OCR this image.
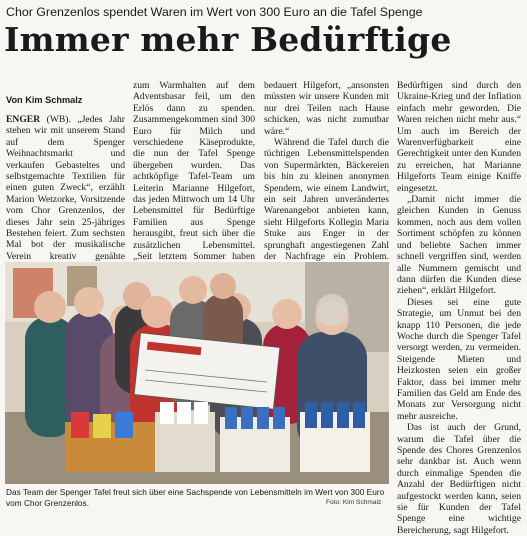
Chor Grenzenlos spendet Waren im Wert von 300 Euro an die Tafel Spenge
Immer mehr Bedürftige

Von Kim Schmalz

ENGER (WB). „Jedes Jahr stehen wir mit unserem Stand auf dem Spenger Weihnachtsmarkt und verkaufen Gebasteltes und selbstgemachte Textilien für einen guten Zweck“, erzählt Marion Wetzorke, Vorsitzende vom Chor Grenzenlos, der dieses Jahr sein 25-jähriges Bestehen feiert. Zum sechsten Mal bot der musikalische Verein kreativ genähte

zum Warmhalten auf dem Adventsbasar feil, um den Erlös dann zu spenden. Zusammengekommen sind 300 Euro für Milch und verschiedene Käseprodukte, die nun der Tafel Spenge übergeben wurden. Das achtköpfige Tafel-Team um Leiterin Marianne Hilgefort, das jeden Mittwoch um 14 Uhr Lebensmittel für Bedürftige Familien aus Spenge herausgibt, freut sich über die zusätzlichen Lebensmittel. „Seit letztem Sommer haben

bedauert Hilgefort, „ansonsten müssten wir unsere Kunden mit nur drei Teilen nach Hause schicken, was nicht zumutbar wäre.“

Während die Tafel durch die tüchtigen Lebensmittelspenden von Supermärkten, Bäckereien bis hin zu kleinen anonymen Spendern, wie einem Landwirt, ein seit Jahren unverändertes Warenangebot anbieten kann, sieht Hilgeforts Kollegin Maria Stuke aus Enger in der sprunghaft angestiegenen Zahl der Nachfrage ein Problem.

Bedürftigen sind durch den Ukraine-Krieg und der Inflation einfach mehr geworden. Die Waren reichen nicht mehr aus.“ Um auch im Bereich der Warenverfügbarkeit eine Gerechtigkeit unter den Kunden zu erreichen, hat Marianne Hilgeforts Team einige Kniffe eingesetzt.

„Damit nicht immer die gleichen Kunden in Genuss kommen, noch aus dem vollen Sortiment schöpfen zu können und beliebte Sachen immer schnell vergriffen sind, werden alle Nummern gemischt und dann dürfen die Kunden diese ziehen“, erklärt Hilgefort.

Dieses sei eine gute Strategie, um Unmut bei den knapp 110 Personen, die jede Woche durch die Spenger Tafel versorgt werden, zu vermeiden. Steigende Mieten und Heizkosten seien ein großer Faktor, dass bei immer mehr Familien das Geld am Ende des Monats zur Versorgung nicht mehr ausreiche.

Das ist auch der Grund, warum die Tafel über die Spende des Chores Grenzenlos sehr dankbar ist. Auch wenn durch einmalige Spenden die Anzahl der Bedürftigen nicht aufgestockt werden kann, seien sie für Kunden der Tafel Spenge eine wichtige Bereicherung, sagt Hilgefort.

Das Team der Spenger Tafel freut sich über eine Sachspende von Lebensmitteln im Wert von 300 Euro vom Chor Grenzenlos.	Foto: Kim Schmalz
